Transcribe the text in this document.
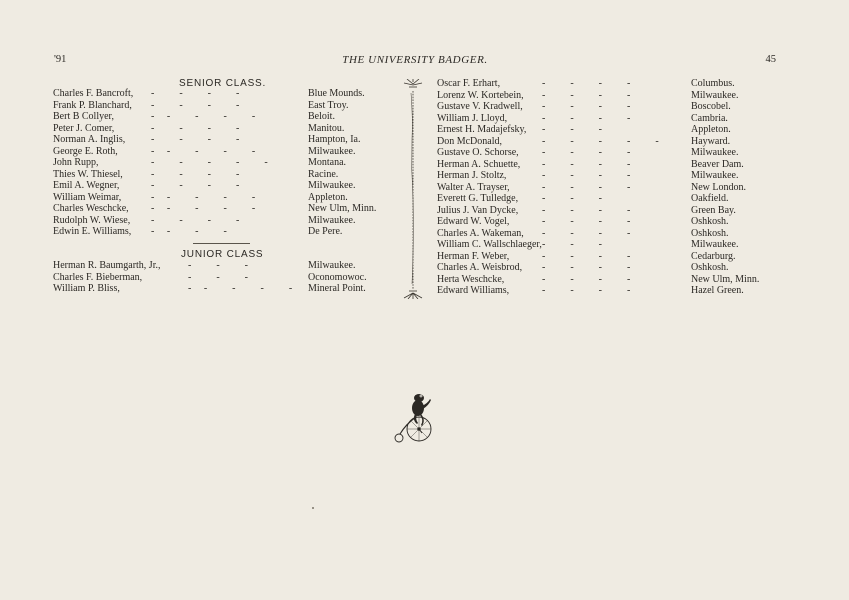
'91	THE UNIVERSITY BADGER.	45
SENIOR CLASS.
Charles F. Bancroft, -          -          -          -	Blue Mounds.
Frank P. Blanchard, -          -          -          -	East Troy.
Bert B Collyer,	-     -          -          -          -	Beloit.
Peter J. Comer,	-          -          -          -	Manitou.
Norman A. Inglis,	-          -          -          -	Hampton, Ia.
George E. Roth,	-     -          -          -          -	Milwaukee.
John Rupp,	-          -          -          -          -	Montana.
Thies W. Thiesel,	-          -          -          -	Racine.
Emil A. Wegner,	-          -          -          -	Milwaukee.
William Weimar,	-     -          -          -          -	Appleton.
Charles Weschcke, -     -          -          -          -	New Ulm, Minn.
Rudolph W. Wiese, -          -          -          -	Milwaukee.
Edwin E. Williams, -     -          -          -	De Pere.
JUNIOR CLASS
Herman R. Baumgarth, Jr.,	-          -          -	Milwaukee.
Charles F. Bieberman,	-          -          -	Oconomowoc.
William P. Bliss,	-     -          -          -          - Mineral Point.
Oscar F. Erhart,	-          -          -          -	Columbus.
Lorenz W. Kortebein, -          -          -          -	Milwaukee.
Gustave V. Kradwell, -          -          -          -	Boscobel.
William J. Lloyd,	-          -          -          -	Cambria.
Ernest H. Madajefsky, -          -          -	Appleton.
Don McDonald,	-          -          -          -          -	Hayward.
Gustave O. Schorse, -          -          -          -	Milwaukee.
Herman A. Schuette, -          -          -          -	Beaver Dam.
Herman J. Stoltz,	-          -          -          -	Milwaukee.
Walter A. Trayser,	-          -          -          -	New London.
Everett G. Tulledge, -          -          -	Oakfield.
Julius J. Van Dycke, -          -          -          -	Green Bay.
Edward W. Vogel,	-          -          -          -	Oshkosh.
Charles A. Wakeman, -          -          -          -	Oshkosh.
William C. Wallschlaeger, -          -          -	Milwaukee.
Herman F. Weber,	-          -          -          -	Cedarburg.
Charles A. Weisbrod, -          -          -          -	Oshkosh.
Herta Weschcke,	-          -          -          -	New Ulm, Minn.
Edward Williams,	-          -          -          -	Hazel Green.
